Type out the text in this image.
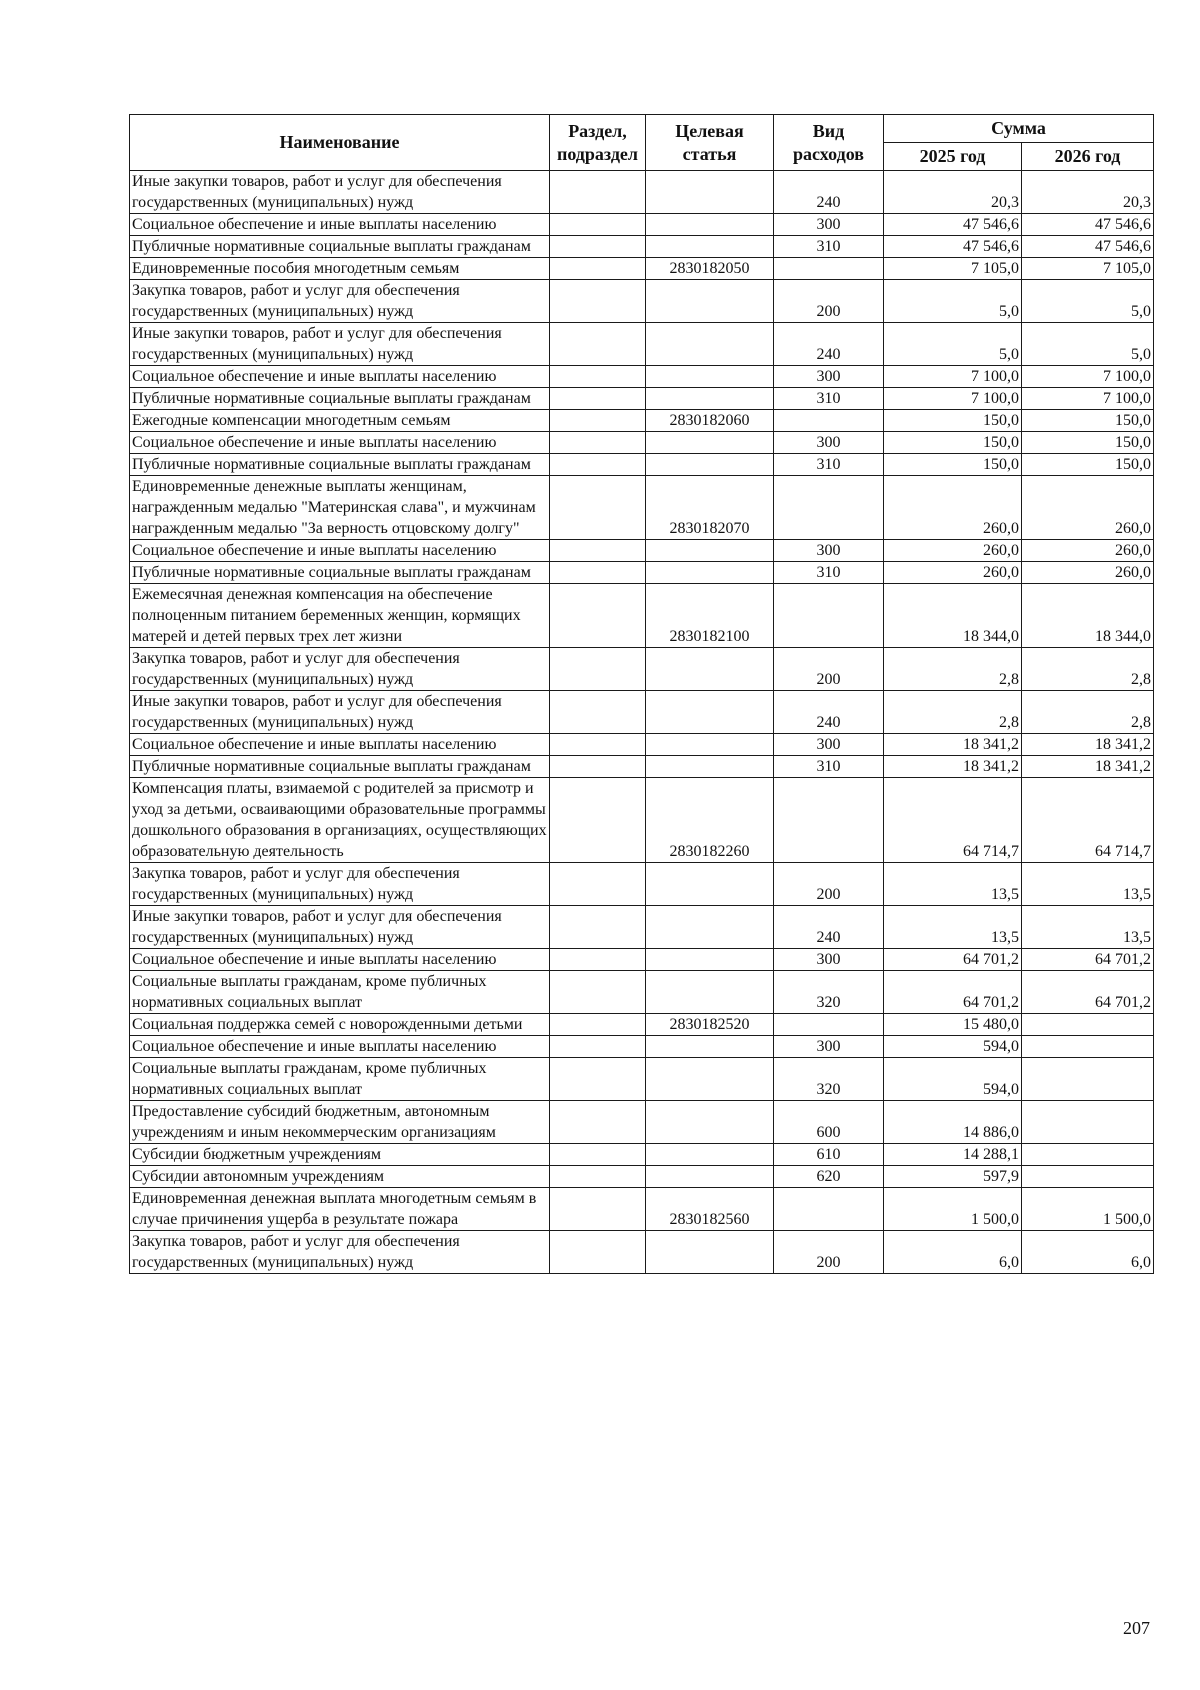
Наименование	Раздел, подраздел	Целевая статья	Вид расходов	Сумма	
				2025 год	2026 год
Иные закупки товаров, работ и услуг для обеспечения государственных (муниципальных) нужд			240	20,3	20,3
Социальное обеспечение и иные выплаты населению			300	47 546,6	47 546,6
Публичные нормативные социальные выплаты гражданам			310	47 546,6	47 546,6
Единовременные пособия многодетным семьям		2830182050		7 105,0	7 105,0
Закупка товаров, работ и услуг для обеспечения государственных (муниципальных) нужд			200	5,0	5,0
Иные закупки товаров, работ и услуг для обеспечения государственных (муниципальных) нужд			240	5,0	5,0
Социальное обеспечение и иные выплаты населению			300	7 100,0	7 100,0
Публичные нормативные социальные выплаты гражданам			310	7 100,0	7 100,0
Ежегодные компенсации многодетным семьям		2830182060		150,0	150,0
Социальное обеспечение и иные выплаты населению			300	150,0	150,0
Публичные нормативные социальные выплаты гражданам			310	150,0	150,0
Единовременные денежные выплаты женщинам, награжденным медалью "Материнская слава", и мужчинам награжденным медалью "За верность отцовскому долгу"		2830182070		260,0	260,0
Социальное обеспечение и иные выплаты населению			300	260,0	260,0
Публичные нормативные социальные выплаты гражданам			310	260,0	260,0
Ежемесячная денежная компенсация на обеспечение полноценным питанием беременных женщин, кормящих матерей и детей первых трех лет жизни		2830182100		18 344,0	18 344,0
Закупка товаров, работ и услуг для обеспечения государственных (муниципальных) нужд			200	2,8	2,8
Иные закупки товаров, работ и услуг для обеспечения государственных (муниципальных) нужд			240	2,8	2,8
Социальное обеспечение и иные выплаты населению			300	18 341,2	18 341,2
Публичные нормативные социальные выплаты гражданам			310	18 341,2	18 341,2
Компенсация платы, взимаемой с родителей за присмотр и уход за детьми, осваивающими образовательные программы дошкольного образования в организациях, осуществляющих образовательную деятельность		2830182260		64 714,7	64 714,7
Закупка товаров, работ и услуг для обеспечения государственных (муниципальных) нужд			200	13,5	13,5
Иные закупки товаров, работ и услуг для обеспечения государственных (муниципальных) нужд			240	13,5	13,5
Социальное обеспечение и иные выплаты населению			300	64 701,2	64 701,2
Социальные выплаты гражданам, кроме публичных нормативных социальных выплат			320	64 701,2	64 701,2
Социальная поддержка семей с новорожденными детьми		2830182520		15 480,0	
Социальное обеспечение и иные выплаты населению			300	594,0	
Социальные выплаты гражданам, кроме публичных нормативных социальных выплат			320	594,0	
Предоставление субсидий бюджетным, автономным учреждениям и иным некоммерческим организациям			600	14 886,0	
Субсидии бюджетным учреждениям			610	14 288,1	
Субсидии автономным учреждениям			620	597,9	
Единовременная денежная выплата многодетным семьям в случае причинения ущерба в результате пожара		2830182560		1 500,0	1 500,0
Закупка товаров, работ и услуг для обеспечения государственных (муниципальных) нужд			200	6,0	6,0
207
